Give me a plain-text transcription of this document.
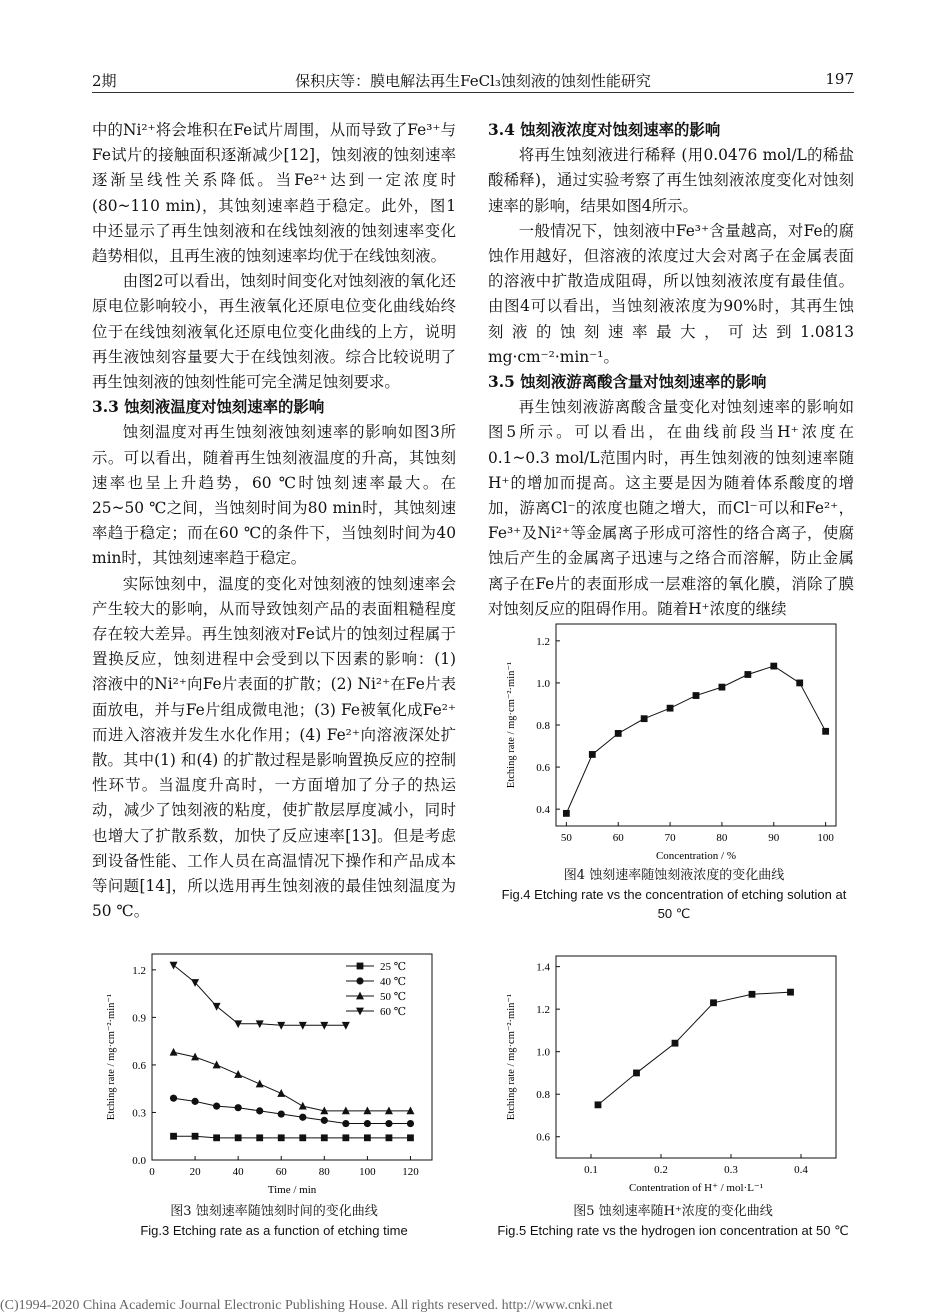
2期	保积庆等：膜电解法再生FeCl₃蚀刻液的蚀刻性能研究	197

中的Ni²⁺将会堆积在Fe试片周围，从而导致了Fe³⁺与Fe试片的接触面积逐渐减少[12]，蚀刻液的蚀刻速率逐渐呈线性关系降低。当Fe²⁺达到一定浓度时(80~110 min)，其蚀刻速率趋于稳定。此外，图1中还显示了再生蚀刻液和在线蚀刻液的蚀刻速率变化趋势相似，且再生液的蚀刻速率均优于在线蚀刻液。

由图2可以看出，蚀刻时间变化对蚀刻液的氧化还原电位影响较小，再生液氧化还原电位变化曲线始终位于在线蚀刻液氧化还原电位变化曲线的上方，说明再生液蚀刻容量要大于在线蚀刻液。综合比较说明了再生蚀刻液的蚀刻性能可完全满足蚀刻要求。

3.3 蚀刻液温度对蚀刻速率的影响

蚀刻温度对再生蚀刻液蚀刻速率的影响如图3所示。可以看出，随着再生蚀刻液温度的升高，其蚀刻速率也呈上升趋势，60 ℃时蚀刻速率最大。在25~50 ℃之间，当蚀刻时间为80 min时，其蚀刻速率趋于稳定；而在60 ℃的条件下，当蚀刻时间为40 min时，其蚀刻速率趋于稳定。

实际蚀刻中，温度的变化对蚀刻液的蚀刻速率会产生较大的影响，从而导致蚀刻产品的表面粗糙程度存在较大差异。再生蚀刻液对Fe试片的蚀刻过程属于置换反应，蚀刻进程中会受到以下因素的影响：(1) 溶液中的Ni²⁺向Fe片表面的扩散；(2) Ni²⁺在Fe片表面放电，并与Fe片组成微电池；(3) Fe被氧化成Fe²⁺而进入溶液并发生水化作用；(4) Fe²⁺向溶液深处扩散。其中(1) 和(4) 的扩散过程是影响置换反应的控制性环节。当温度升高时，一方面增加了分子的热运动，减少了蚀刻液的粘度，使扩散层厚度减小，同时也增大了扩散系数，加快了反应速率[13]。但是考虑到设备性能、工作人员在高温情况下操作和产品成本等问题[14]，所以选用再生蚀刻液的最佳蚀刻温度为50 ℃。

3.4 蚀刻液浓度对蚀刻速率的影响

将再生蚀刻液进行稀释 (用0.0476 mol/L的稀盐酸稀释)，通过实验考察了再生蚀刻液浓度变化对蚀刻速率的影响，结果如图4所示。

一般情况下，蚀刻液中Fe³⁺含量越高，对Fe的腐蚀作用越好，但溶液的浓度过大会对离子在金属表面的溶液中扩散造成阻碍，所以蚀刻液浓度有最佳值。由图4可以看出，当蚀刻液浓度为90%时，其再生蚀刻液的蚀刻速率最大，可达到1.0813 mg·cm⁻²·min⁻¹。

3.5 蚀刻液游离酸含量对蚀刻速率的影响

再生蚀刻液游离酸含量变化对蚀刻速率的影响如图5所示。可以看出，在曲线前段当H⁺浓度在0.1~0.3 mol/L范围内时，再生蚀刻液的蚀刻速率随H⁺的增加而提高。这主要是因为随着体系酸度的增加，游离Cl⁻的浓度也随之增大，而Cl⁻可以和Fe²⁺，Fe³⁺及Ni²⁺等金属离子形成可溶性的络合离子，使腐蚀后产生的金属离子迅速与之络合而溶解，防止金属离子在Fe片的表面形成一层难溶的氧化膜，消除了膜对蚀刻反应的阻碍作用。随着H⁺浓度的继续

0	20	40	60	80	100 120
0.0
0.3
0.6
0.9
1.2
Time / min
Etching rate / mg·cm⁻²·min⁻¹
25 ℃
40 ℃
50 ℃
60 ℃
图3 蚀刻速率随蚀刻时间的变化曲线
Fig.3 Etching rate as a function of etching time
50	60	70	80	90	100
0.4
0.6
0.8
1.0
1.2
Concentration / %
Etching rate / mg·cm⁻²·min⁻¹
图4 蚀刻速率随蚀刻液浓度的变化曲线
Fig.4 Etching rate vs the concentration of etching solution at 50 ℃
0.1	0.2	0.3	0.4
0.6
0.8
1.0
1.2
1.4
Contentration of H⁺ / mol·L⁻¹
Etching rate / mg·cm⁻²·min⁻¹
图5 蚀刻速率随H⁺浓度的变化曲线
Fig.5 Etching rate vs the hydrogen ion concentration at 50 ℃
(C)1994-2020 China Academic Journal Electronic Publishing House. All rights reserved. http://www.cnki.net
